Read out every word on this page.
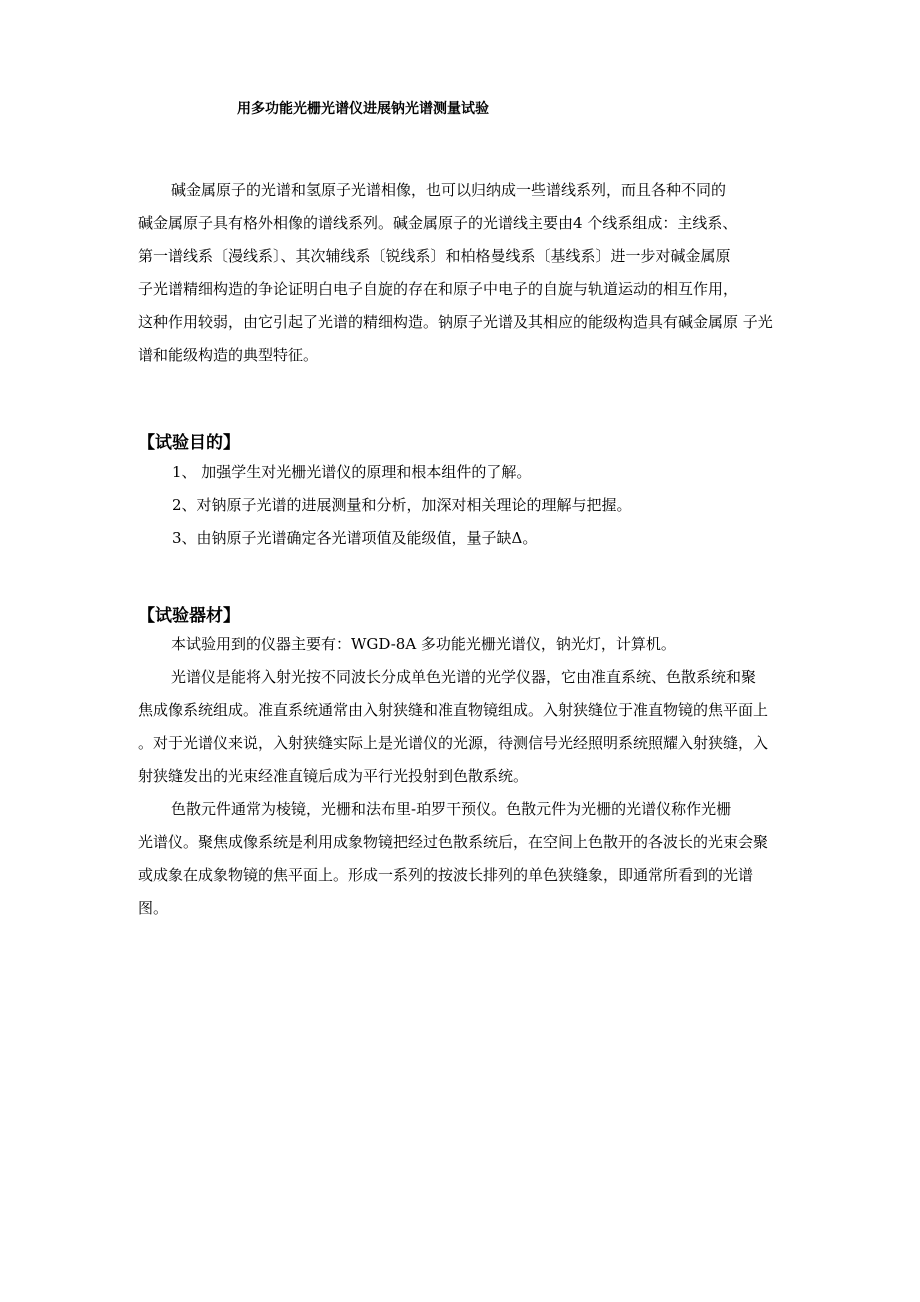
用多功能光栅光谱仪进展钠光谱测量试验
碱金属原子的光谱和氢原子光谱相像，也可以归纳成一些谱线系列，而且各种不同的
碱金属原子具有格外相像的谱线系列。碱金属原子的光谱线主要由4 个线系组成：主线系、
第一谱线系〔漫线系〕、其次辅线系〔锐线系〕和柏格曼线系〔基线系〕进一步对碱金属原
子光谱精细构造的争论证明白电子自旋的存在和原子中电子的自旋与轨道运动的相互作用，
这种作用较弱，由它引起了光谱的精细构造。钠原子光谱及其相应的能级构造具有碱金属原 子光
谱和能级构造的典型特征。
【试验目的】
1、 加强学生对光栅光谱仪的原理和根本组件的了解。
2、对钠原子光谱的进展测量和分析，加深对相关理论的理解与把握。
3、由钠原子光谱确定各光谱项值及能级值，量子缺Δ。
【试验器材】
本试验用到的仪器主要有：WGD-8A 多功能光栅光谱仪，钠光灯，计算机。
光谱仪是能将入射光按不同波长分成单色光谱的光学仪器，它由准直系统、色散系统和聚
焦成像系统组成。准直系统通常由入射狭缝和准直物镜组成。入射狭缝位于准直物镜的焦平面上
。对于光谱仪来说，入射狭缝实际上是光谱仪的光源，待测信号光经照明系统照耀入射狭缝，入
射狭缝发出的光束经准直镜后成为平行光投射到色散系统。
色散元件通常为棱镜，光栅和法布里-珀罗干预仪。色散元件为光栅的光谱仪称作光栅
光谱仪。聚焦成像系统是利用成象物镜把经过色散系统后，在空间上色散开的各波长的光束会聚
或成象在成象物镜的焦平面上。形成一系列的按波长排列的单色狭缝象，即通常所看到的光谱
图。
